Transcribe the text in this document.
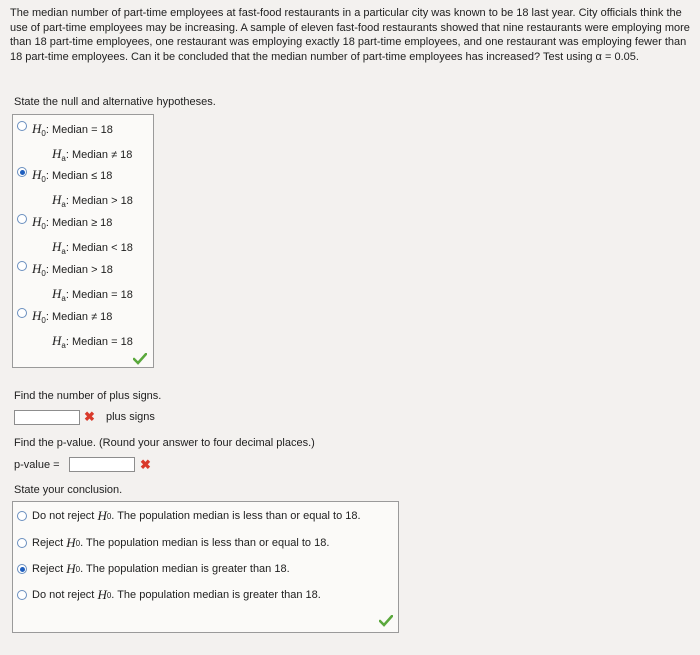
The median number of part-time employees at fast-food restaurants in a particular city was known to be 18 last year. City officials think the use of part-time employees may be increasing. A sample of eleven fast-food restaurants showed that nine restaurants were employing more than 18 part-time employees, one restaurant was employing exactly 18 part-time employees, and one restaurant was employing fewer than 18 part-time employees. Can it be concluded that the median number of part-time employees has increased? Test using α = 0.05.
State the null and alternative hypotheses.
$H_0$: Median = 18
$H_a$: Median ≠ 18
$H_0$: Median ≤ 18
$H_a$: Median > 18
$H_0$: Median ≥ 18
$H_a$: Median < 18
$H_0$: Median > 18
$H_a$: Median = 18
$H_0$: Median ≠ 18
$H_a$: Median = 18
Find the number of plus signs.
✖ plus signs
Find the p-value. (Round your answer to four decimal places.)
p-value =	✖
State your conclusion.
Do not reject
H 0 . The population median is less than or equal to 18.
Reject
H 0 . The population median is less than or equal to 18.
Reject
H 0 . The population median is greater than 18.
Do not reject
H 0 . The population median is greater than 18.
